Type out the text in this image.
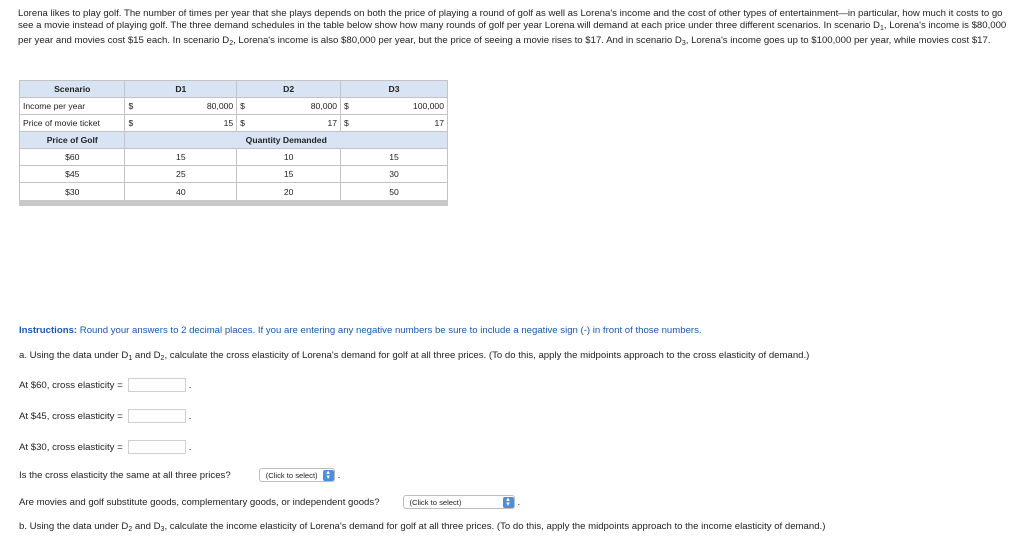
Lorena likes to play golf. The number of times per year that she plays depends on both the price of playing a round of golf as well as Lorena's income and the cost of other types of entertainment—in particular, how much it costs to go see a movie instead of playing golf. The three demand schedules in the table below show how many rounds of golf per year Lorena will demand at each price under three different scenarios. In scenario $D_1$, Lorena's income is $80,000 per year and movies cost $15 each. In scenario $D_2$, Lorena's income is also $80,000 per year, but the price of seeing a movie rises to $17. And in scenario $D_3$, Lorena's income goes up to $100,000 per year, while movies cost $17.
Scenario	D1		D2		D3	
Income per year	$	80,000	$	80,000	$	100,000
Price of movie ticket	$	15	$	17	$	17
Price of Golf	Quantity Demanded					
$60	15		10		15	
$45	25		15		30	
$30	40		20		50	
Instructions: Round your answers to 2 decimal places. If you are entering any negative numbers be sure to include a negative sign (-) in front of those numbers.
a. Using the data under $D_1$ and $D_2$, calculate the cross elasticity of Lorena's demand for golf at all three prices. (To do this, apply the midpoints approach to the cross elasticity of demand.)
At $60, cross elasticity =	.
At $45, cross elasticity =	.
At $30, cross elasticity =	.
Is the cross elasticity the same at all three prices?	(Click to select)	▴
▾ .
Are movies and golf substitute goods, complementary goods, or independent goods?	(Click to select)	▴
▾ .
b. Using the data under $D_2$ and $D_3$, calculate the income elasticity of Lorena's demand for golf at all three prices. (To do this, apply the midpoints approach to the income elasticity of demand.)
